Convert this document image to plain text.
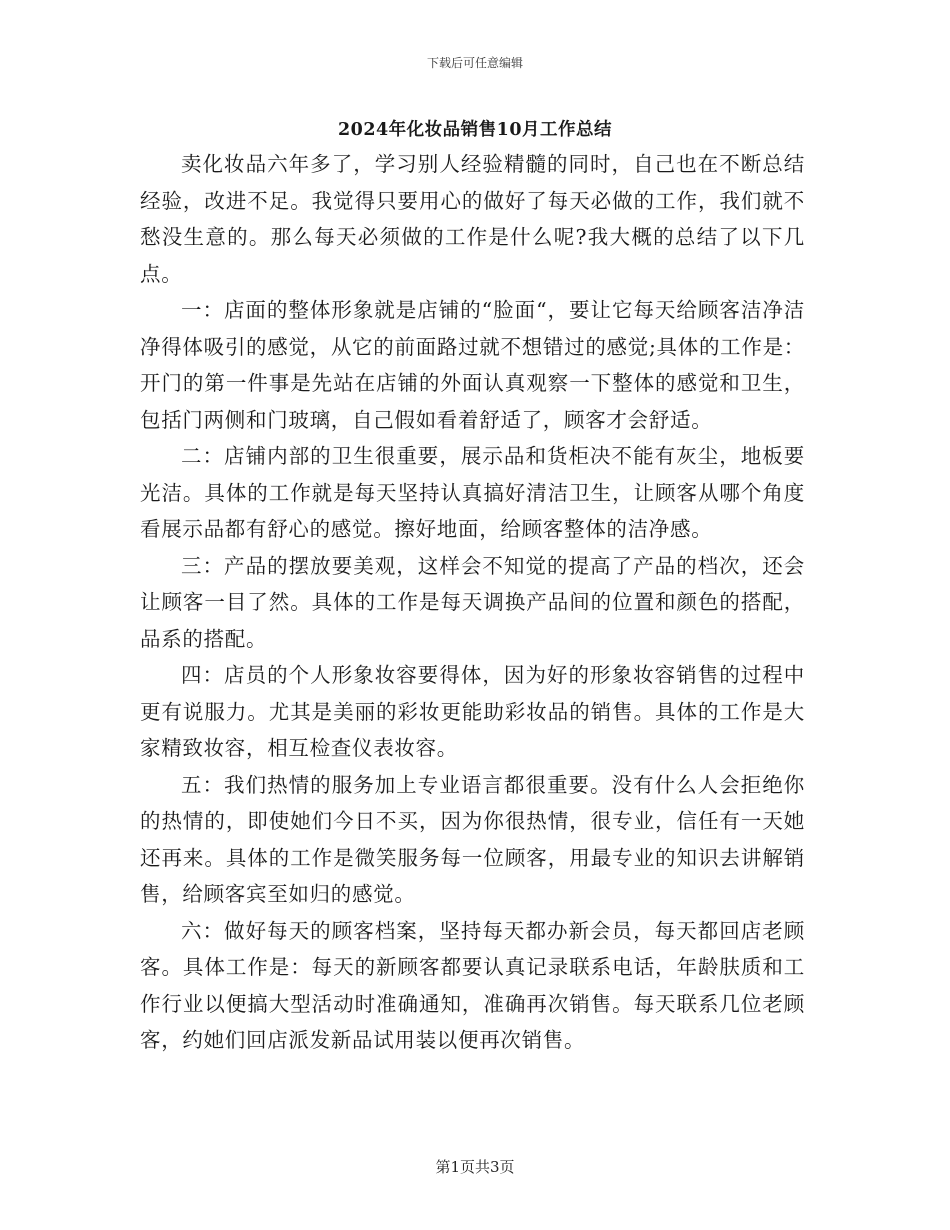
下载后可任意编辑
2024年化妆品销售10月工作总结

卖化妆品六年多了，学习别人经验精髓的同时，自己也在不断总结经验，改进不足。我觉得只要用心的做好了每天必做的工作，我们就不愁没生意的。那么每天必须做的工作是什么呢?我大概的总结了以下几点。

一：店面的整体形象就是店铺的“脸面“，要让它每天给顾客洁净洁净得体吸引的感觉，从它的前面路过就不想错过的感觉;具体的工作是：开门的第一件事是先站在店铺的外面认真观察一下整体的感觉和卫生，包括门两侧和门玻璃，自己假如看着舒适了，顾客才会舒适。

二：店铺内部的卫生很重要，展示品和货柜决不能有灰尘，地板要光洁。具体的工作就是每天坚持认真搞好清洁卫生，让顾客从哪个角度看展示品都有舒心的感觉。擦好地面，给顾客整体的洁净感。

三：产品的摆放要美观，这样会不知觉的提高了产品的档次，还会让顾客一目了然。具体的工作是每天调换产品间的位置和颜色的搭配，品系的搭配。

四：店员的个人形象妆容要得体，因为好的形象妆容销售的过程中更有说服力。尤其是美丽的彩妆更能助彩妆品的销售。具体的工作是大家精致妆容，相互检查仪表妆容。

五：我们热情的服务加上专业语言都很重要。没有什么人会拒绝你的热情的，即使她们今日不买，因为你很热情，很专业，信任有一天她还再来。具体的工作是微笑服务每一位顾客，用最专业的知识去讲解销售，给顾客宾至如归的感觉。

六：做好每天的顾客档案，坚持每天都办新会员，每天都回店老顾客。具体工作是：每天的新顾客都要认真记录联系电话，年龄肤质和工作行业以便搞大型活动时准确通知，准确再次销售。每天联系几位老顾客，约她们回店派发新品试用装以便再次销售。

第1页共3页
